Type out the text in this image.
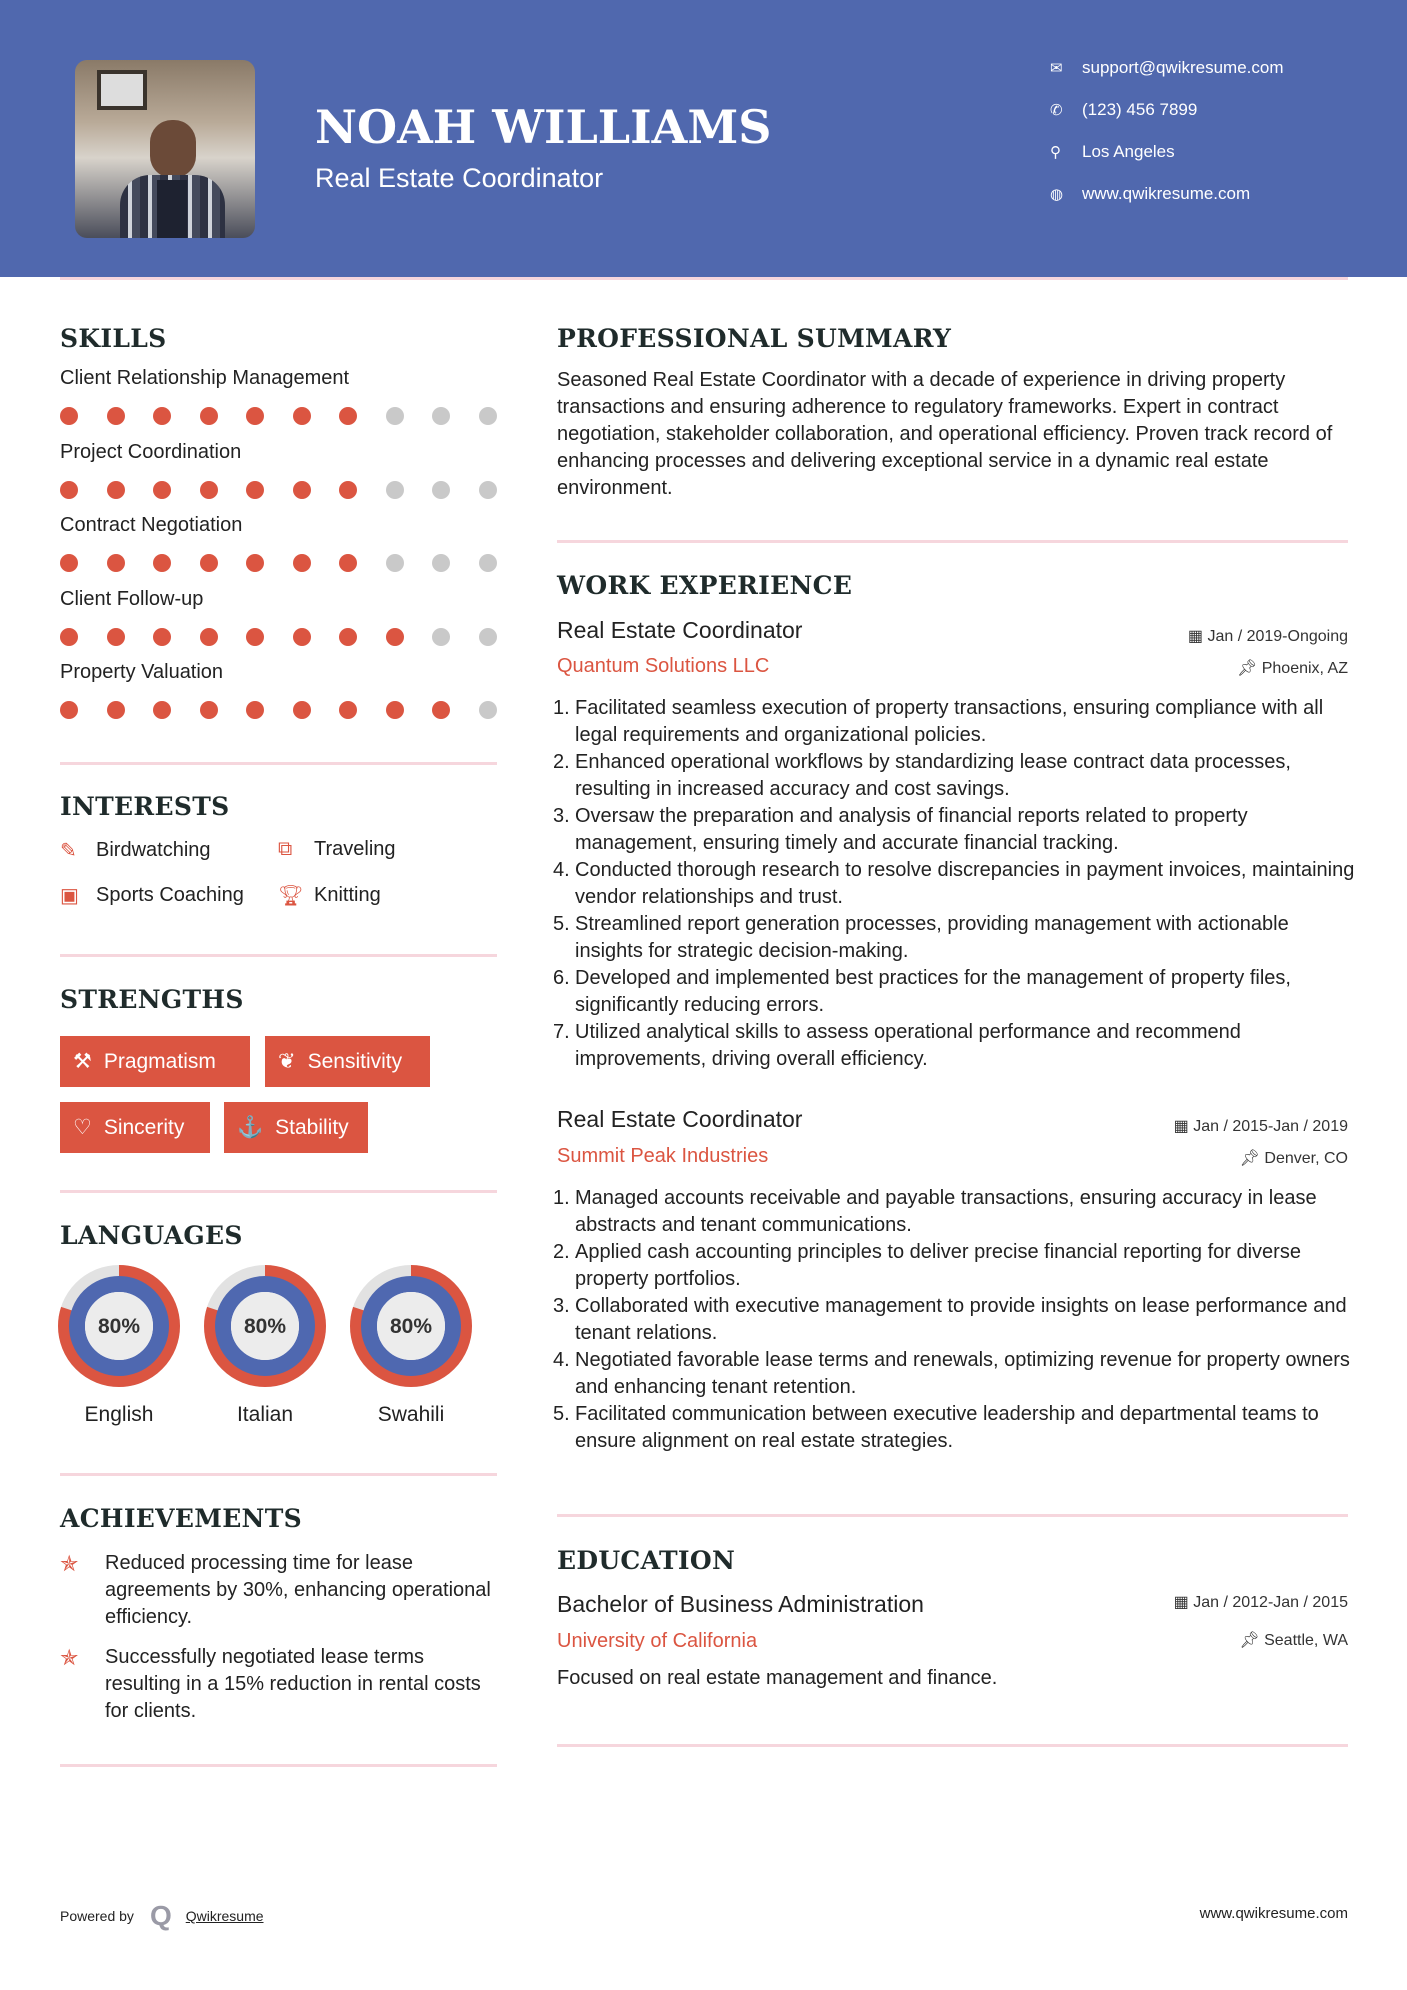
NOAH WILLIAMS
Real Estate Coordinator
✉	support@qwikresume.com
✆	(123) 456 7899
⚲	Los Angeles
◍	www.qwikresume.com
SKILLS
Client Relationship Management
Project Coordination
Contract Negotiation
Client Follow-up
Property Valuation
INTERESTS
✎ Birdwatching	⧉	Traveling
▣ Sports Coaching 🏆︎ Knitting
STRENGTHS
⚒ Pragmatism	❦ Sensitivity
♡ Sincerity	⚓ Stability
LANGUAGES
80%
English
80%
Italian
80%
Swahili
ACHIEVEMENTS
✯	Reduced processing time for lease agreements by 30%, enhancing operational efficiency.
✯	Successfully negotiated lease terms resulting in a 15% reduction in rental costs for clients.
PROFESSIONAL SUMMARY
Seasoned Real Estate Coordinator with a decade of experience in driving property transactions and ensuring adherence to regulatory frameworks. Expert in contract negotiation, stakeholder collaboration, and operational efficiency. Proven track record of enhancing processes and delivering exceptional service in a dynamic real estate environment.
WORK EXPERIENCE
Real Estate Coordinator
Quantum Solutions LLC
▦ Jan / 2019-Ongoing
📌︎ Phoenix, AZ
Facilitated seamless execution of property transactions, ensuring compliance with all legal requirements and organizational policies.
Enhanced operational workflows by standardizing lease contract data processes, resulting in increased accuracy and cost savings.
Oversaw the preparation and analysis of financial reports related to property management, ensuring timely and accurate financial tracking.
Conducted thorough research to resolve discrepancies in payment invoices, maintaining vendor relationships and trust.
Streamlined report generation processes, providing management with actionable insights for strategic decision-making.
Developed and implemented best practices for the management of property files, significantly reducing errors.
Utilized analytical skills to assess operational performance and recommend improvements, driving overall efficiency.
Real Estate Coordinator
Summit Peak Industries
▦ Jan / 2015-Jan / 2019
📌︎ Denver, CO
Managed accounts receivable and payable transactions, ensuring accuracy in lease abstracts and tenant communications.
Applied cash accounting principles to deliver precise financial reporting for diverse property portfolios.
Collaborated with executive management to provide insights on lease performance and tenant relations.
Negotiated favorable lease terms and renewals, optimizing revenue for property owners and enhancing tenant retention.
Facilitated communication between executive leadership and departmental teams to ensure alignment on real estate strategies.
EDUCATION
Bachelor of Business Administration
University of California
▦ Jan / 2012-Jan / 2015
📌︎ Seattle, WA
Focused on real estate management and finance.
Powered by Q Qwikresume	www.qwikresume.com
